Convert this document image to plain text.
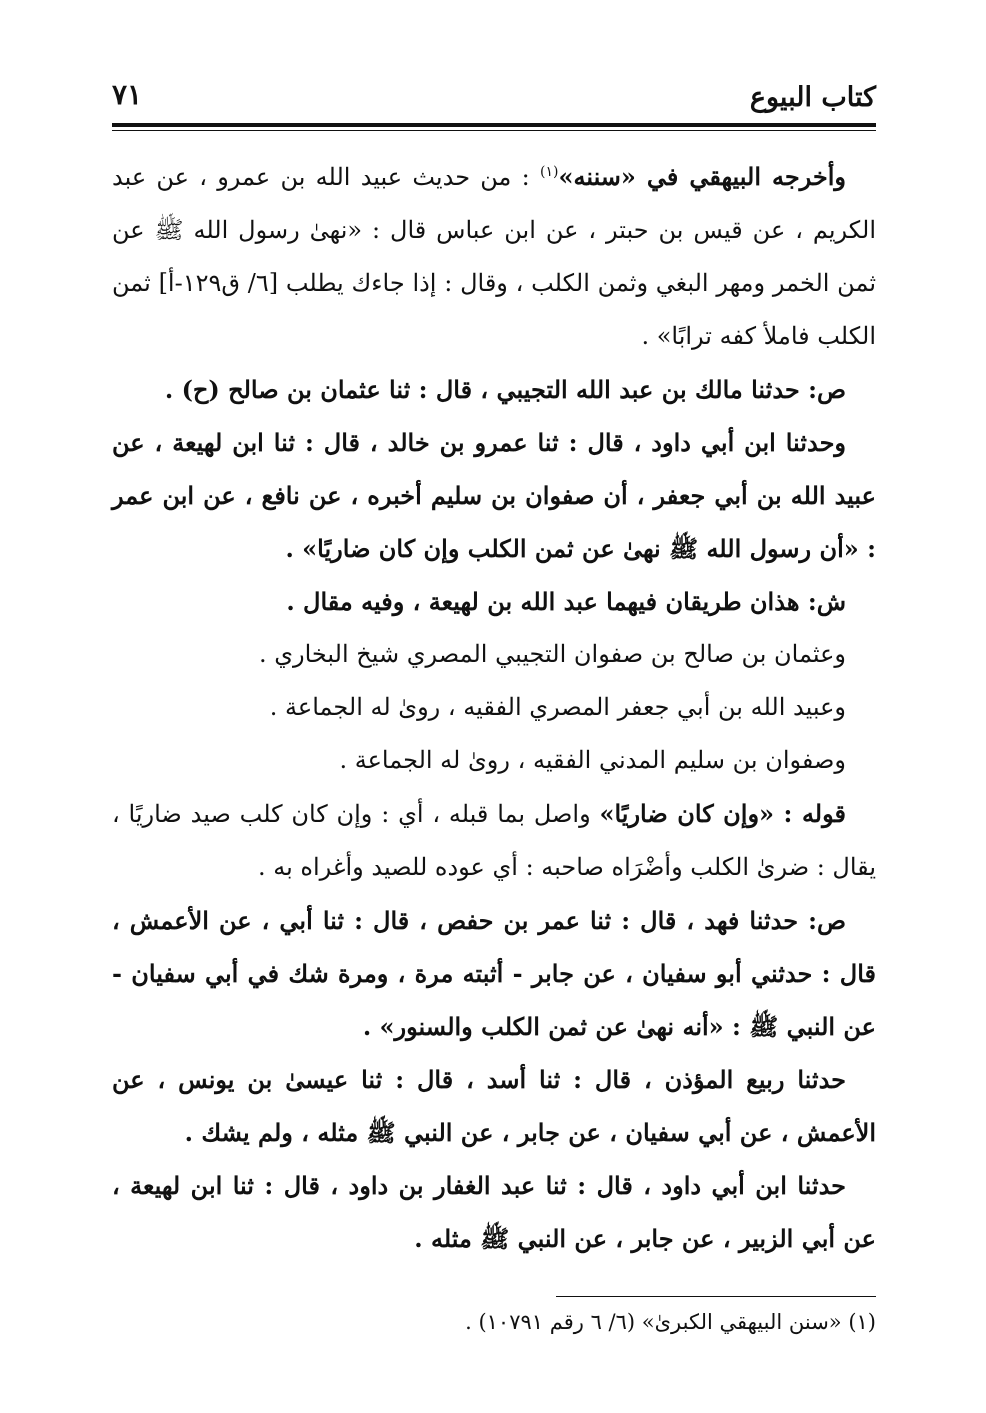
كتاب البيوع
٧١

وأخرجه البيهقي في «سننه»$^{(١)}$ : من حديث عبيد الله بن عمرو ، عن عبد الكريم ، عن قيس بن حبتر ، عن ابن عباس قال : «نهىٰ رسول الله ﷺ عن ثمن الخمر ومهر البغي وثمن الكلب ، وقال : إذا جاءك يطلب [٦/ ق١٢٩-أ] ثمن الكلب فاملأ كفه ترابًا» .

ص: حدثنا مالك بن عبد الله التجيبي ، قال : ثنا عثمان بن صالح (ح) .

وحدثنا ابن أبي داود ، قال : ثنا عمرو بن خالد ، قال : ثنا ابن لهيعة ، عن عبيد الله بن أبي جعفر ، أن صفوان بن سليم أخبره ، عن نافع ، عن ابن عمر : «أن رسول الله ﷺ نهىٰ عن ثمن الكلب وإن كان ضاريًا» .

ش: هذان طريقان فيهما عبد الله بن لهيعة ، وفيه مقال .

وعثمان بن صالح بن صفوان التجيبي المصري شيخ البخاري .

وعبيد الله بن أبي جعفر المصري الفقيه ، روىٰ له الجماعة .

وصفوان بن سليم المدني الفقيه ، روىٰ له الجماعة .

قوله : «وإن كان ضاريًا» واصل بما قبله ، أي : وإن كان كلب صيد ضاريًا ، يقال : ضرىٰ الكلب وأضْرَاه صاحبه : أي عوده للصيد وأغراه به .

ص: حدثنا فهد ، قال : ثنا عمر بن حفص ، قال : ثنا أبي ، عن الأعمش ، قال : حدثني أبو سفيان ، عن جابر - أثبته مرة ، ومرة شك في أبي سفيان - عن النبي ﷺ : «أنه نهىٰ عن ثمن الكلب والسنور» .

حدثنا ربيع المؤذن ، قال : ثنا أسد ، قال : ثنا عيسىٰ بن يونس ، عن الأعمش ، عن أبي سفيان ، عن جابر ، عن النبي ﷺ مثله ، ولم يشك .

حدثنا ابن أبي داود ، قال : ثنا عبد الغفار بن داود ، قال : ثنا ابن لهيعة ، عن أبي الزبير ، عن جابر ، عن النبي ﷺ مثله .

(١) «سنن البيهقي الكبرىٰ» (٦/ ٦ رقم ١٠٧٩١) .
